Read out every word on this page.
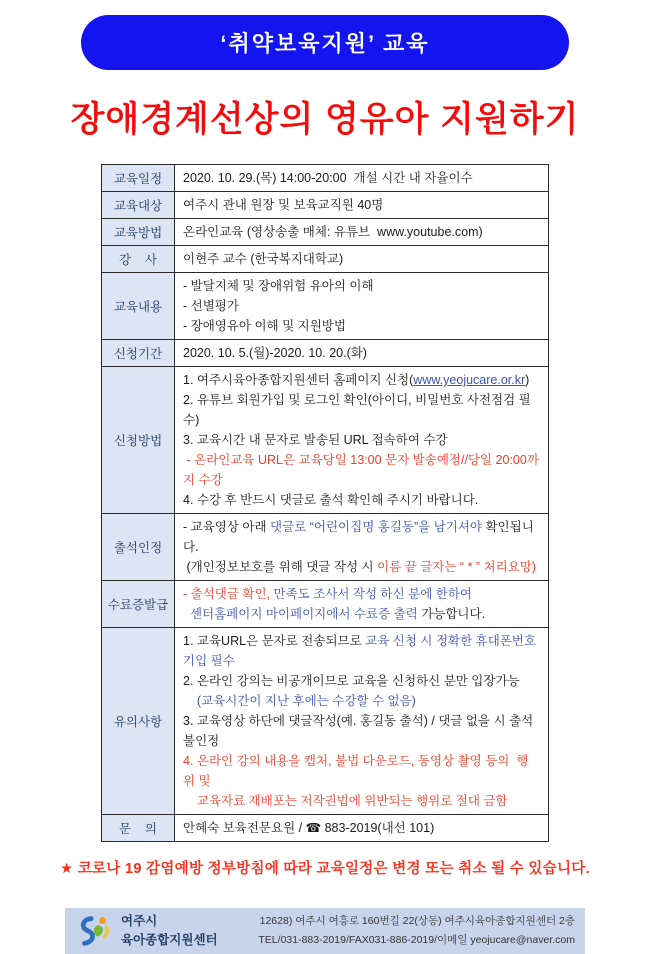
‘취약보육지원’ 교육
장애경계선상의 영유아 지원하기
교육일정	2020. 10. 29.(목) 14:00-20:00  개설 시간 내 자율이수

교육대상	여주시 관내 원장 및 보육교직원 40명

교육방법	온라인교육 (영상송출 매체: 유튜브  www.youtube.com)

강    사	이현주 교수 (한국복지대학교)

교육내용	- 발달지체 및 장애위험 유아의 이해
- 선별평가
- 장애영유아 이해 및 지원방법

신청기간	2020. 10. 5.(월)-2020. 10. 20.(화)

신청방법	1. 여주시육아종합지원센터 홈페이지 신청(www.yeojucare.or.kr)
2. 유튜브 회원가입 및 로그인 확인(아이디, 비밀번호 사전점검 필수)
3. 교육시간 내 문자로 발송된 URL 접속하여 수강
- 온라인교육 URL은 교육당일 13:00 문자 발송예정//당일 20:00까지 수강
4. 수강 후 반드시 댓글로 출석 확인해 주시기 바랍니다.

출석인정	- 교육영상 아래 댓글로 “어린이집명 홍길동”을 남기셔야 확인됩니다.
(개인정보보호를 위해 댓글 작성 시 이름 끝 글자는 “ * ” 처리요망)

수료증발급	- 출석댓글 확인, 만족도 조사서 작성 하신 분에 한하여
센터홈페이지 마이페이지에서 수료증 출력 가능합니다.

유의사항	
1. 교육URL은 문자로 전송되므로 교육 신청 시 정확한 휴대폰번호 기입 필수
2. 온라인 강의는 비공개이므로 교육을 신청하신 분만 입장가능
(교육시간이 지난 후에는 수강할 수 없음)
3. 교육영상 하단에 댓글작성(예. 홍길동 출석) / 댓글 없을 시 출석 불인정
4. 온라인 강의 내용을 캡처, 불법 다운로드, 동영상 촬영 등의  행위 및
교육자료 재배포는 저작권법에 위반되는 행위로 절대 금함

문    의	안혜숙 보육전문요원 / ☎ 883-2019(내선 101)
★ 코로나 19 감염예방 정부방침에 따라 교육일정은 변경 또는 취소 될 수 있습니다.
여주시
육아종합지원센터
12628) 여주시 여흥로 160번길 22(상동) 여주시육아종합지원센터 2층
TEL/031-883-2019/FAX031-886-2019/이메일 yeojucare@naver.com
